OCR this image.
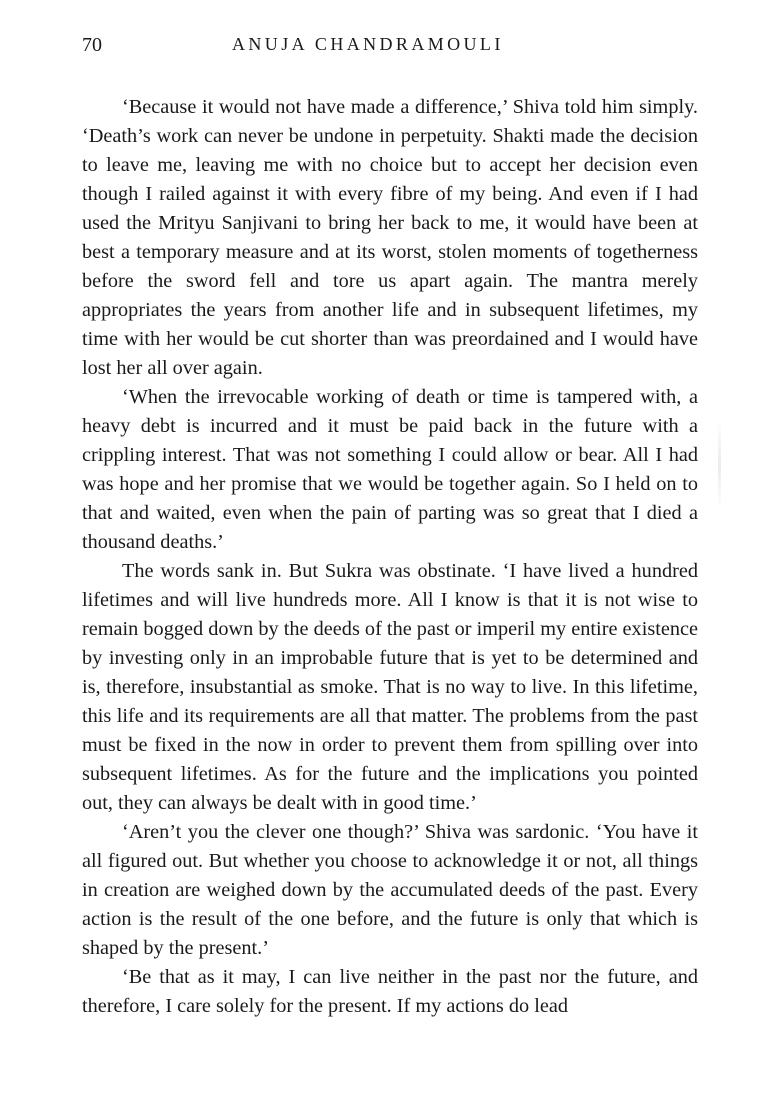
70	ANUJA CHANDRAMOULI

‘Because it would not have made a difference,’ Shiva told him simply. ‘Death’s work can never be undone in perpetuity. Shakti made the decision to leave me, leaving me with no choice but to accept her decision even though I railed against it with every fibre of my being. And even if I had used the Mrityu Sanjivani to bring her back to me, it would have been at best a temporary measure and at its worst, stolen moments of togetherness before the sword fell and tore us apart again. The mantra merely appropriates the years from another life and in subsequent lifetimes, my time with her would be cut shorter than was preordained and I would have lost her all over again.

‘When the irrevocable working of death or time is tampered with, a heavy debt is incurred and it must be paid back in the future with a crippling interest. That was not something I could allow or bear. All I had was hope and her promise that we would be together again. So I held on to that and waited, even when the pain of parting was so great that I died a thousand deaths.’

The words sank in. But Sukra was obstinate. ‘I have lived a hundred lifetimes and will live hundreds more. All I know is that it is not wise to remain bogged down by the deeds of the past or imperil my entire existence by investing only in an improbable future that is yet to be determined and is, therefore, insubstantial as smoke. That is no way to live. In this lifetime, this life and its requirements are all that matter. The problems from the past must be fixed in the now in order to prevent them from spilling over into subsequent lifetimes. As for the future and the implications you pointed out, they can always be dealt with in good time.’

‘Aren’t you the clever one though?’ Shiva was sardonic. ‘You have it all figured out. But whether you choose to acknowledge it or not, all things in creation are weighed down by the accumulated deeds of the past. Every action is the result of the one before, and the future is only that which is shaped by the present.’

‘Be that as it may, I can live neither in the past nor the future, and therefore, I care solely for the present. If my actions do lead
